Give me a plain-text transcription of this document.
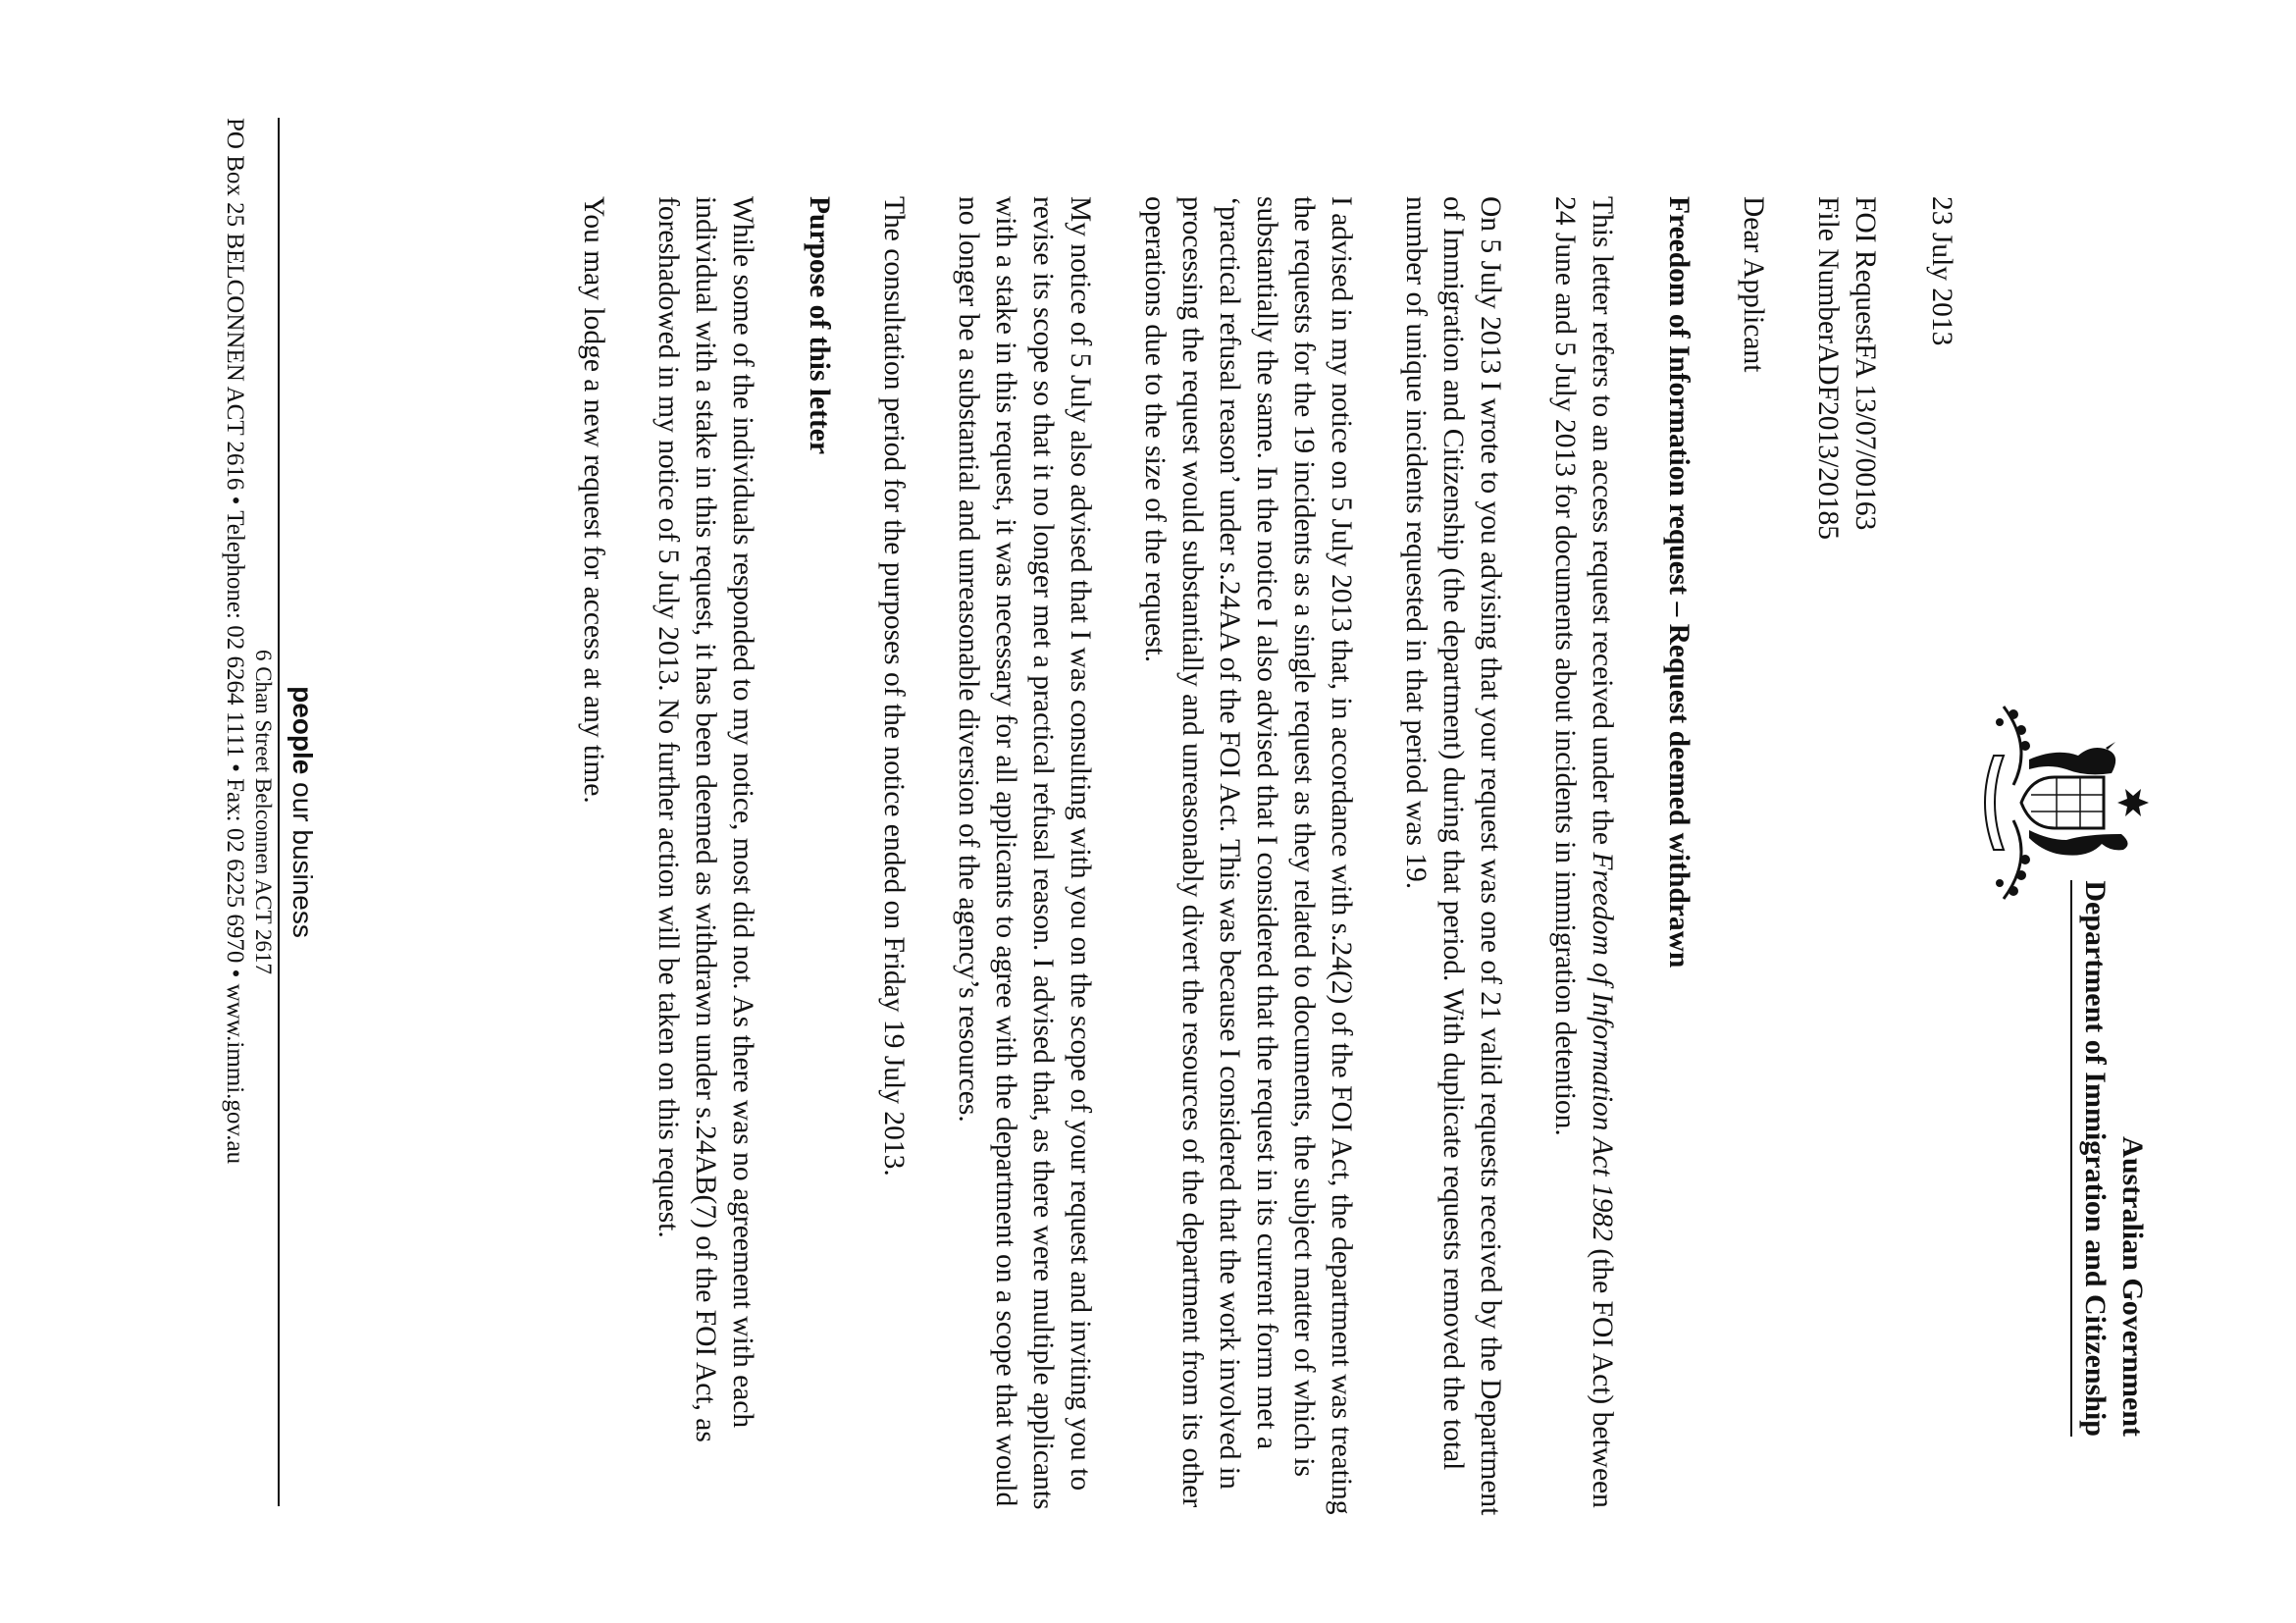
Australian Government
Department of Immigration and Citizenship

23 July 2013

FOI Request
FA 13/07/00163
File Number
ADF2013/20185

Dear Applicant

Freedom of Information request – Request deemed withdrawn

This letter refers to an access request received under the Freedom of Information Act 1982 (the FOI Act) between 24 June and 5 July 2013 for documents about incidents in immigration detention.

On 5 July 2013 I wrote to you advising that your request was one of 21 valid requests received by the Department of Immigration and Citizenship (the department) during that period. With duplicate requests removed the total number of unique incidents requested in that period was 19.

I advised in my notice on 5 July 2013 that, in accordance with s.24(2) of the FOI Act, the department was treating the requests for the 19 incidents as a single request as they related to documents, the subject matter of which is substantially the same. In the notice I also advised that I considered that the request in its current form met a ‘practical refusal reason’ under s.24AA of the FOI Act. This was because I considered that the work involved in processing the request would substantially and unreasonably divert the resources of the department from its other operations due to the size of the request.

My notice of 5 July also advised that I was consulting with you on the scope of your request and inviting you to revise its scope so that it no longer met a practical refusal reason. I advised that, as there were multiple applicants with a stake in this request, it was necessary for all applicants to agree with the department on a scope that would no longer be a substantial and unreasonable diversion of the agency’s resources.

The consultation period for the purposes of the notice ended on Friday 19 July 2013.

Purpose of this letter

While some of the individuals responded to my notice, most did not. As there was no agreement with each individual with a stake in this request, it has been deemed as withdrawn under s.24AB(7) of the FOI Act, as foreshadowed in my notice of 5 July 2013. No further action will be taken on this request.

You may lodge a new request for access at any time.

people our business
6 Chan Street Belconnen ACT 2617
PO Box 25 BELCONNEN ACT 2616 • Telephone: 02 6264 1111 • Fax: 02 6225 6970 • www.immi.gov.au
